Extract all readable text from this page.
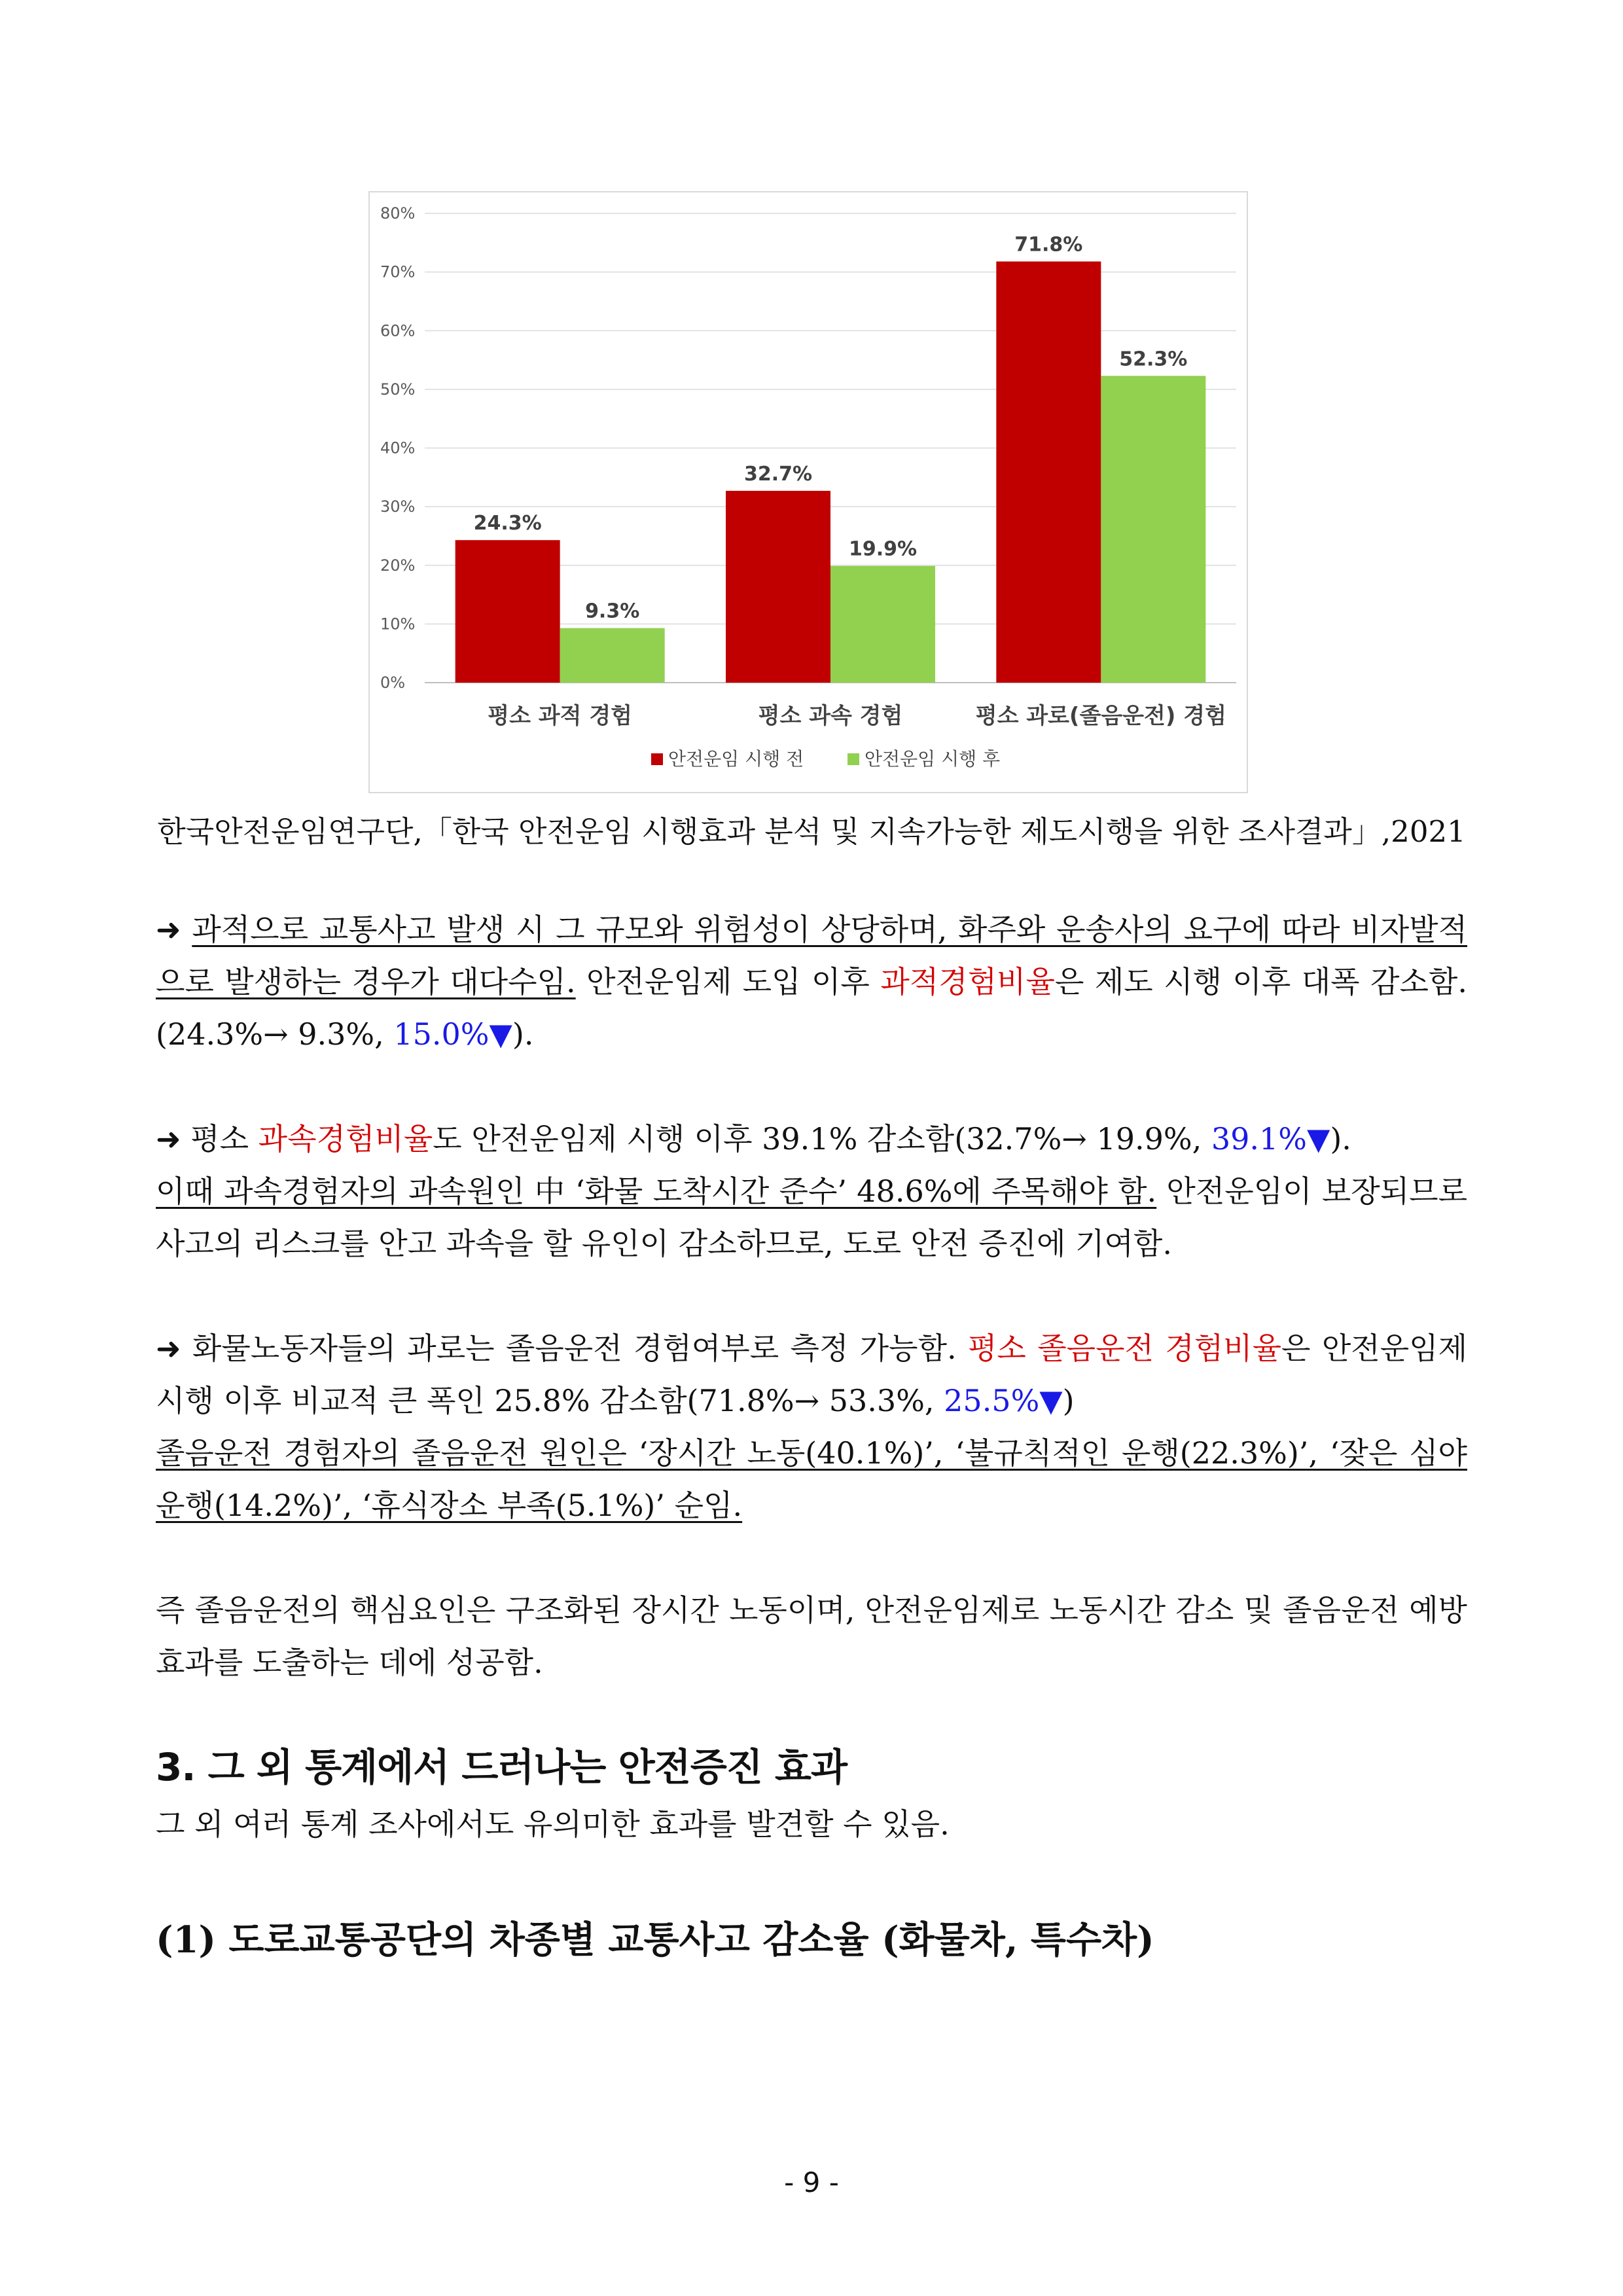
0%
10%
20%
30%
40%
50%
60%
70%
80%
24.3%
9.3%
평소 과적 경험
32.7%
19.9%
평소 과속 경험
71.8%
52.3%
평소 과로(졸음운전) 경험
안전운임 시행 전	안전운임 시행 후
한국안전운임연구단,「한국 안전운임 시행효과 분석 및 지속가능한 제도시행을 위한 조사결과」,2021
➜ 과적으로 교통사고 발생 시 그 규모와 위험성이 상당하며, 화주와 운송사의 요구에 따라 비자발적으로 발생하는 경우가 대다수임. 안전운임제 도입 이후 과적경험비율은 제도 시행 이후 대폭 감소함.(24.3%→ 9.3%, 15.0%▼).
➜ 평소 과속경험비율도 안전운임제 시행 이후 39.1% 감소함(32.7%→ 19.9%, 39.1%▼).
이때 과속경험자의 과속원인 中 ‘화물 도착시간 준수’ 48.6%에 주목해야 함. 안전운임이 보장되므로 사고의 리스크를 안고 과속을 할 유인이 감소하므로, 도로 안전 증진에 기여함.
➜ 화물노동자들의 과로는 졸음운전 경험여부로 측정 가능함. 평소 졸음운전 경험비율은 안전운임제 시행 이후 비교적 큰 폭인 25.8% 감소함(71.8%→ 53.3%, 25.5%▼)
졸음운전 경험자의 졸음운전 원인은 ‘장시간 노동(40.1%)’, ‘불규칙적인 운행(22.3%)’, ‘잦은 심야운행(14.2%)’, ‘휴식장소 부족(5.1%)’ 순임.
즉 졸음운전의 핵심요인은 구조화된 장시간 노동이며, 안전운임제로 노동시간 감소 및 졸음운전 예방효과를 도출하는 데에 성공함.
3. 그 외 통계에서 드러나는 안전증진 효과
그 외 여러 통계 조사에서도 유의미한 효과를 발견할 수 있음.
(1) 도로교통공단의 차종별 교통사고 감소율 (화물차, 특수차)
- 9 -
